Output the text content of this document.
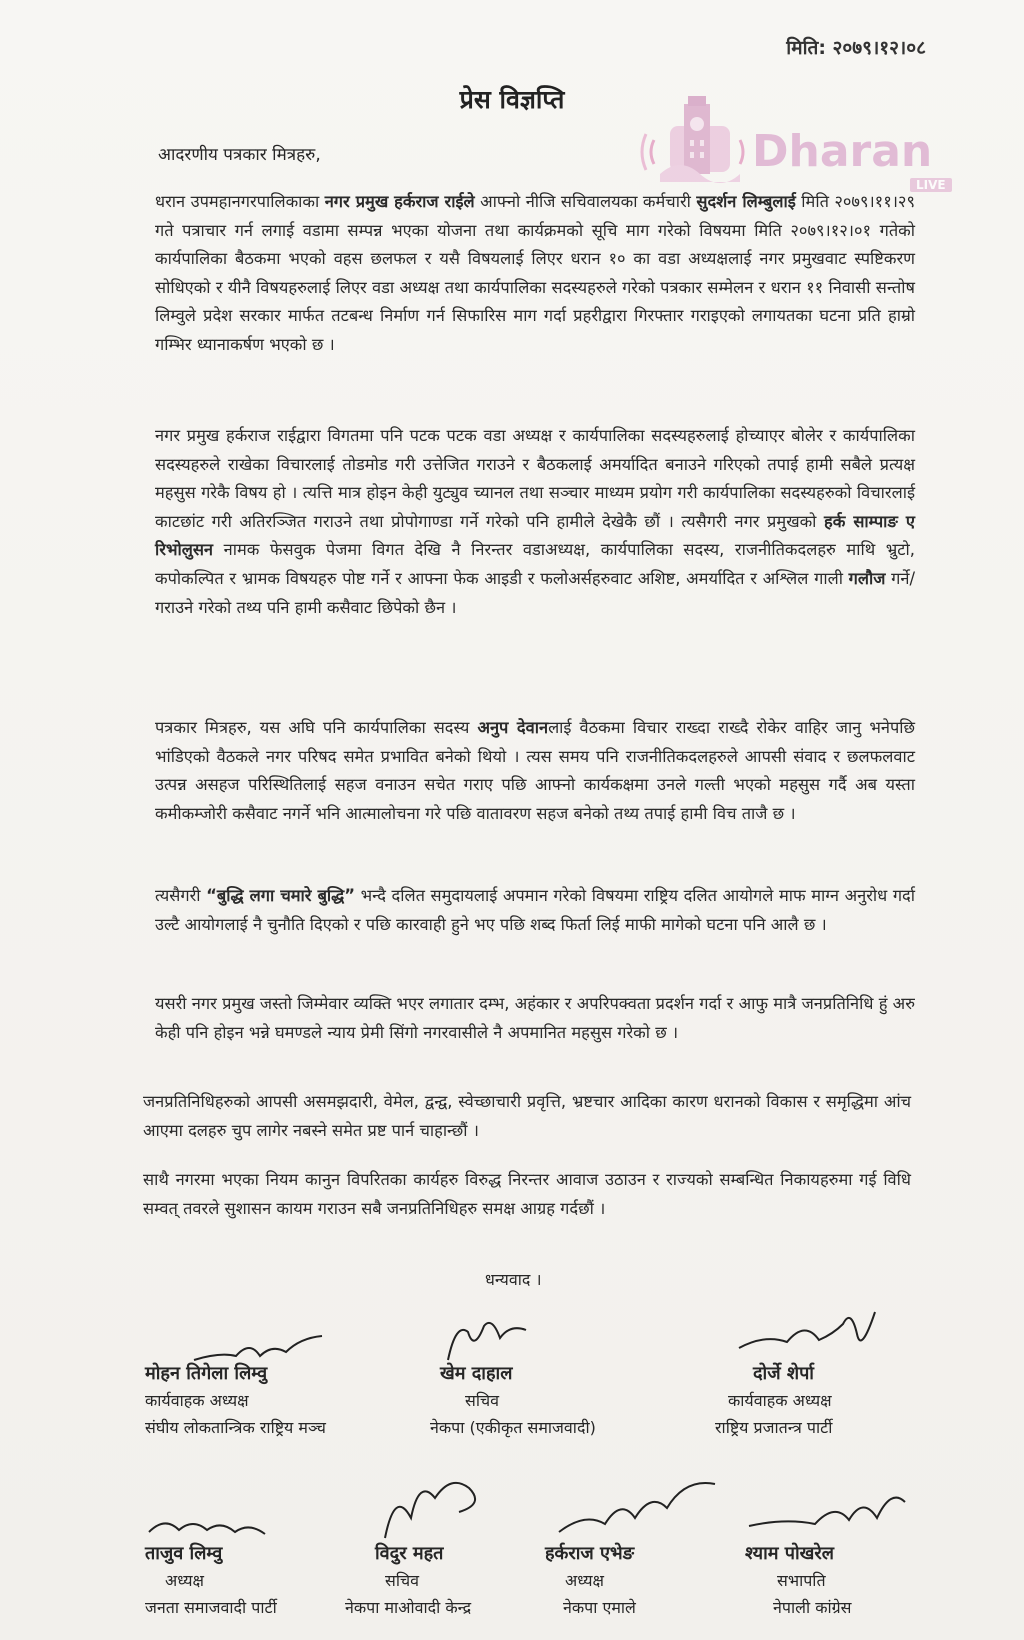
Dharan
LIVE
मिति: २०७९।१२।०८
प्रेस विज्ञप्ति
आदरणीय पत्रकार मित्रहरु,
धरान उपमहानगरपालिकाका नगर प्रमुख हर्कराज राईले आफ्नो नीजि सचिवालयका कर्मचारी सुदर्शन लिम्बुलाई मिति २०७९।११।२९ गते पत्राचार गर्न लगाई वडामा सम्पन्न भएका योजना तथा कार्यक्रमको सूचि माग गरेको विषयमा मिति २०७९।१२।०१ गतेको कार्यपालिका बैठकमा भएको वहस छलफल र यसै विषयलाई लिएर धरान १० का वडा अध्यक्षलाई नगर प्रमुखवाट स्पष्टिकरण सोधिएको र यीनै विषयहरुलाई लिएर वडा अध्यक्ष तथा कार्यपालिका सदस्यहरुले गरेको पत्रकार सम्मेलन र धरान ११ निवासी सन्तोष लिम्वुले प्रदेश सरकार मार्फत तटबन्ध निर्माण गर्न सिफारिस माग गर्दा प्रहरीद्वारा गिरफ्तार गराइएको लगायतका घटना प्रति हाम्रो गम्भिर ध्यानाकर्षण भएको छ ।
नगर प्रमुख हर्कराज राईद्वारा विगतमा पनि पटक पटक वडा अध्यक्ष र कार्यपालिका सदस्यहरुलाई होच्याएर बोलेर र कार्यपालिका सदस्यहरुले राखेका विचारलाई तोडमोड गरी उत्तेजित गराउने र बैठकलाई अमर्यादित बनाउने गरिएको तपाई हामी सबैले प्रत्यक्ष महसुस गरेकै विषय हो । त्यत्ति मात्र होइन केही युट्युव च्यानल तथा सञ्चार माध्यम प्रयोग गरी कार्यपालिका सदस्यहरुको विचारलाई काटछांट गरी अतिरञ्जित गराउने तथा प्रोपोगाण्डा गर्ने गरेको पनि हामीले देखेकै छौं । त्यसैगरी नगर प्रमुखको हर्क साम्पाङ ए रिभोलुसन नामक फेसवुक पेजमा विगत देखि नै निरन्तर वडाअध्यक्ष, कार्यपालिका सदस्य, राजनीतिकदलहरु माथि भ्रुटो, कपोकल्पित र भ्रामक विषयहरु पोष्ट गर्ने र आफ्ना फेक आइडी र फलोअर्सहरुवाट अशिष्ट, अमर्यादित र अश्लिल गाली गलौज गर्ने/गराउने गरेको तथ्य पनि हामी कसैवाट छिपेको छैन ।
पत्रकार मित्रहरु, यस अघि पनि कार्यपालिका सदस्य अनुप देवानलाई वैठकमा विचार राख्दा राख्दै रोकेर वाहिर जानु भनेपछि भांडिएको वैठकले नगर परिषद समेत प्रभावित बनेको थियो । त्यस समय पनि राजनीतिकदलहरुले आपसी संवाद र छलफलवाट उत्पन्न असहज परिस्थितिलाई सहज वनाउन सचेत गराए पछि आफ्नो कार्यकक्षमा उनले गल्ती भएको महसुस गर्दै अब यस्ता कमीकम्जोरी कसैवाट नगर्ने भनि आत्मालोचना गरे पछि वातावरण सहज बनेको तथ्य तपाई हामी विच ताजै छ ।
त्यसैगरी “बुद्धि लगा चमारे बुद्धि” भन्दै दलित समुदायलाई अपमान गरेको विषयमा राष्ट्रिय दलित आयोगले माफ माग्न अनुरोध गर्दा उल्टै आयोगलाई नै चुनौति दिएको र पछि कारवाही हुने भए पछि शब्द फिर्ता लिई माफी मागेको घटना पनि आलै छ ।
यसरी नगर प्रमुख जस्तो जिम्मेवार व्यक्ति भएर लगातार दम्भ, अहंकार र अपरिपक्वता प्रदर्शन गर्दा र आफु मात्रै जनप्रतिनिधि हुं अरु केही पनि होइन भन्ने घमण्डले न्याय प्रेमी सिंगो नगरवासीले नै अपमानित महसुस गरेको छ ।
जनप्रतिनिधिहरुको आपसी असमझदारी, वेमेल, द्वन्द्व, स्वेच्छाचारी प्रवृत्ति, भ्रष्टचार आदिका कारण धरानको विकास र समृद्धिमा आंच आएमा दलहरु चुप लागेर नबस्ने समेत प्रष्ट पार्न चाहान्छौं ।
साथै नगरमा भएका नियम कानुन विपरितका कार्यहरु विरुद्ध निरन्तर आवाज उठाउन र राज्यको सम्बन्धित निकायहरुमा गई विधि सम्वत् तवरले सुशासन कायम गराउन सबै जनप्रतिनिधिहरु समक्ष आग्रह गर्दछौं ।
धन्यवाद ।
मोहन तिगेला लिम्वु
कार्यवाहक अध्यक्ष
संघीय लोकतान्त्रिक राष्ट्रिय मञ्च
खेम दाहाल
सचिव
नेकपा (एकीकृत समाजवादी)
दोर्जे शेर्पा
कार्यवाहक अध्यक्ष
राष्ट्रिय प्रजातन्त्र पार्टी
ताजुव लिम्वु
अध्यक्ष
जनता समाजवादी पार्टी
विदुर महत
सचिव
नेकपा माओवादी केन्द्र
हर्कराज एभेङ
अध्यक्ष
नेकपा एमाले
श्याम पोखरेल
सभापति
नेपाली कांग्रेस
